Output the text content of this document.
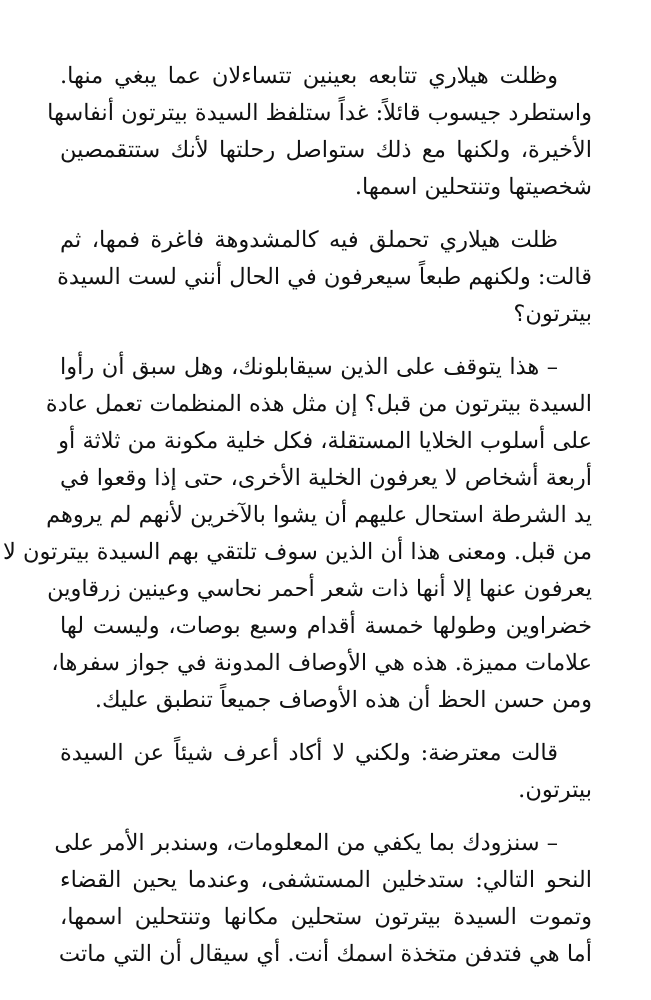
وظلت هيلاري تتابعه بعينين تتساءلان عما يبغي منها.
واستطرد جيسوب قائلاً: غداً ستلفظ السيدة بيترتون أنفاسها
الأخيرة، ولكنها مع ذلك ستواصل رحلتها لأنك ستتقمصين
شخصيتها وتنتحلين اسمها.
ظلت هيلاري تحملق فيه كالمشدوهة فاغرة فمها، ثم
قالت: ولكنهم طبعاً سيعرفون في الحال أنني لست السيدة
بيترتون؟
– هذا يتوقف على الذين سيقابلونك، وهل سبق أن رأوا
السيدة بيترتون من قبل؟ إن مثل هذه المنظمات تعمل عادة
على أسلوب الخلايا المستقلة، فكل خلية مكونة من ثلاثة أو
أربعة أشخاص لا يعرفون الخلية الأخرى، حتى إذا وقعوا في
يد الشرطة استحال عليهم أن يشوا بالآخرين لأنهم لم يروهم
من قبل. ومعنى هذا أن الذين سوف تلتقي بهم السيدة بيترتون لا
يعرفون عنها إلا أنها ذات شعر أحمر نحاسي وعينين زرقاوين
خضراوين وطولها خمسة أقدام وسبع بوصات، وليست لها
علامات مميزة. هذه هي الأوصاف المدونة في جواز سفرها،
ومن حسن الحظ أن هذه الأوصاف جميعاً تنطبق عليك.
قالت معترضة: ولكني لا أكاد أعرف شيئاً عن السيدة
بيترتون.
– سنزودك بما يكفي من المعلومات، وسندبر الأمر على
النحو التالي: ستدخلين المستشفى، وعندما يحين القضاء
وتموت السيدة بيترتون ستحلين مكانها وتنتحلين اسمها،
أما هي فتدفن متخذة اسمك أنت. أي سيقال أن التي ماتت
